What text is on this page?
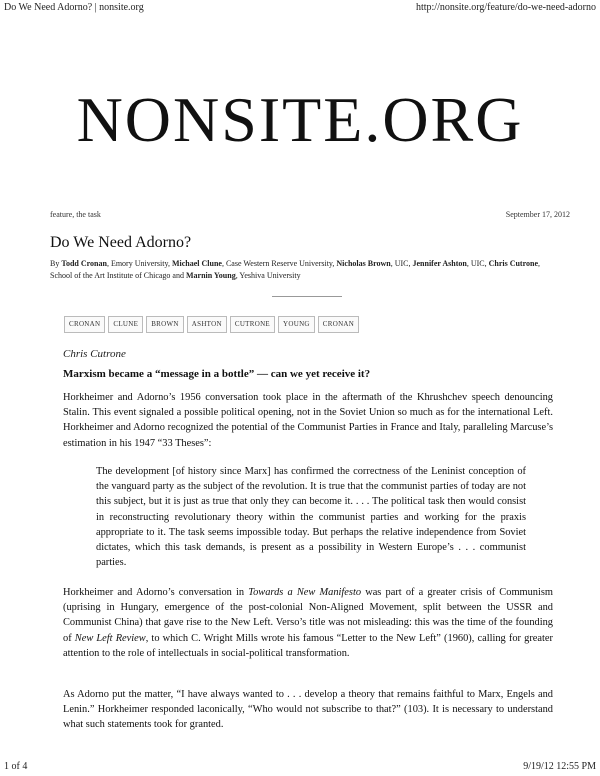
Do We Need Adorno? | nonsite.org	http://nonsite.org/feature/do-we-need-adorno
NONSITE.ORG
feature, the task	September 17, 2012
Do We Need Adorno?
By Todd Cronan, Emory University, Michael Clune, Case Western Reserve University, Nicholas Brown, UIC, Jennifer Ashton, UIC, Chris Cutrone, School of the Art Institute of Chicago and Marnin Young, Yeshiva University
CRONAN	CLUNE	BROWN	ASHTON	CUTRONE	YOUNG	CRONAN
Chris Cutrone
Marxism became a “message in a bottle” — can we yet receive it?
Horkheimer and Adorno’s 1956 conversation took place in the aftermath of the Khrushchev speech denouncing Stalin. This event signaled a possible political opening, not in the Soviet Union so much as for the international Left. Horkheimer and Adorno recognized the potential of the Communist Parties in France and Italy, paralleling Marcuse’s estimation in his 1947 “33 Theses”:
The development [of history since Marx] has confirmed the correctness of the Leninist conception of the vanguard party as the subject of the revolution. It is true that the communist parties of today are not this subject, but it is just as true that only they can become it. . . . The political task then would consist in reconstructing revolutionary theory within the communist parties and working for the praxis appropriate to it. The task seems impossible today. But perhaps the relative independence from Soviet dictates, which this task demands, is present as a possibility in Western Europe’s . . . communist parties.
Horkheimer and Adorno’s conversation in Towards a New Manifesto was part of a greater crisis of Communism (uprising in Hungary, emergence of the post-colonial Non-Aligned Movement, split between the USSR and Communist China) that gave rise to the New Left. Verso’s title was not misleading: this was the time of the founding of New Left Review, to which C. Wright Mills wrote his famous “Letter to the New Left” (1960), calling for greater attention to the role of intellectuals in social-political transformation.
As Adorno put the matter, “I have always wanted to . . . develop a theory that remains faithful to Marx, Engels and Lenin.” Horkheimer responded laconically, “Who would not subscribe to that?” (103). It is necessary to understand what such statements took for granted.
1 of 4	9/19/12 12:55 PM
